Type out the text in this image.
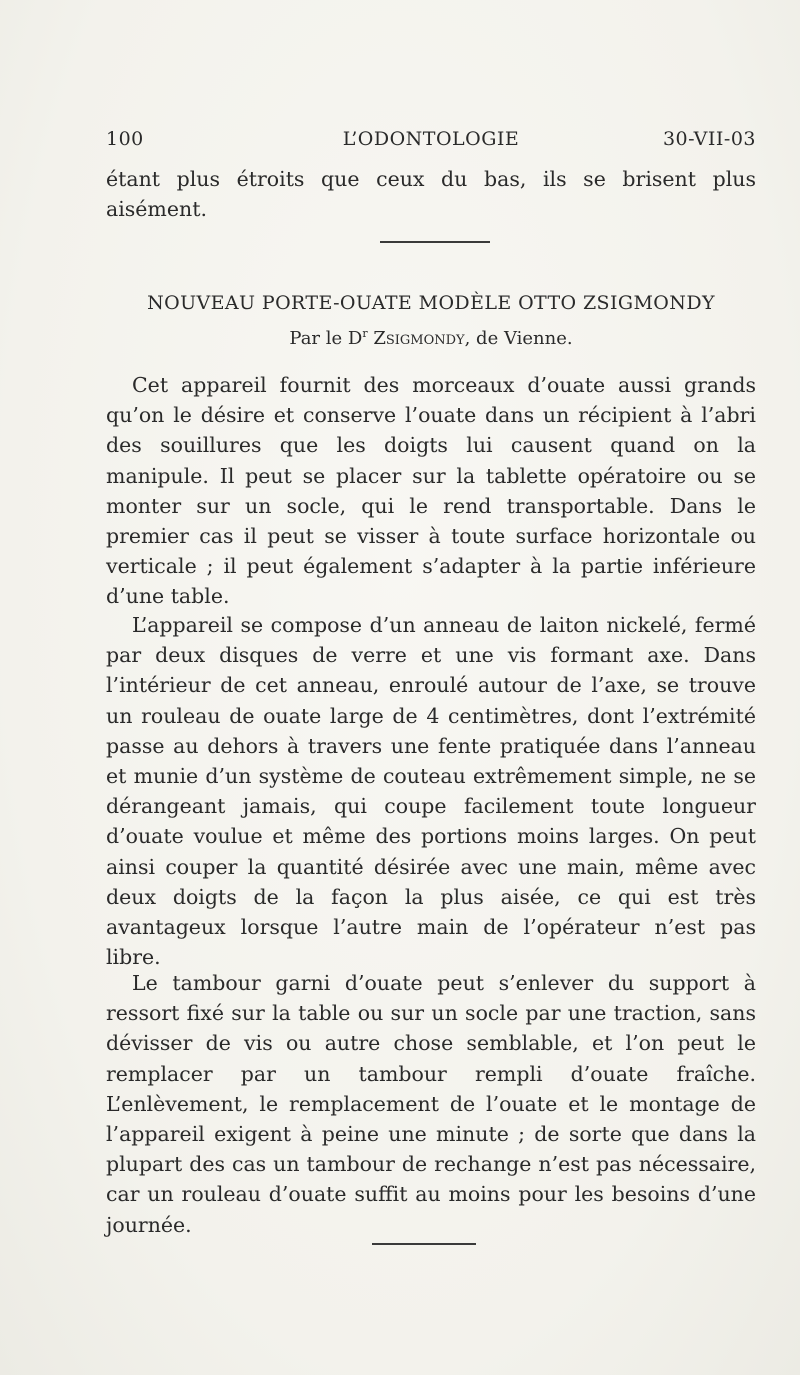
100	L’ODONTOLOGIE	30-VII-03

étant plus étroits que ceux du bas, ils se brisent plus aisément.

NOUVEAU PORTE-OUATE MODÈLE OTTO ZSIGMONDY

Par le $D^r$ Zsigmondy, de Vienne.

Cet appareil fournit des morceaux d’ouate aussi grands qu’on le désire et conserve l’ouate dans un récipient à l’abri des souillures que les doigts lui causent quand on la manipule. Il peut se placer sur la tablette opératoire ou se monter sur un socle, qui le rend transportable. Dans le premier cas il peut se visser à toute surface horizontale ou verticale ; il peut également s’adapter à la partie inférieure d’une table.

L’appareil se compose d’un anneau de laiton nickelé, fermé par deux disques de verre et une vis formant axe. Dans l’intérieur de cet anneau, enroulé autour de l’axe, se trouve un rouleau de ouate large de 4 centimètres, dont l’extrémité passe au dehors à travers une fente pratiquée dans l’anneau et munie d’un système de couteau extrêmement simple, ne se dérangeant jamais, qui coupe facilement toute longueur d’ouate voulue et même des portions moins larges. On peut ainsi couper la quantité désirée avec une main, même avec deux doigts de la façon la plus aisée, ce qui est très avantageux lorsque l’autre main de l’opérateur n’est pas libre.

Le tambour garni d’ouate peut s’enlever du support à ressort fixé sur la table ou sur un socle par une traction, sans dévisser de vis ou autre chose semblable, et l’on peut le remplacer par un tambour rempli d’ouate fraîche. L’enlèvement, le remplacement de l’ouate et le montage de l’appareil exigent à peine une minute ; de sorte que dans la plupart des cas un tambour de rechange n’est pas nécessaire, car un rouleau d’ouate suffit au moins pour les besoins d’une journée.
